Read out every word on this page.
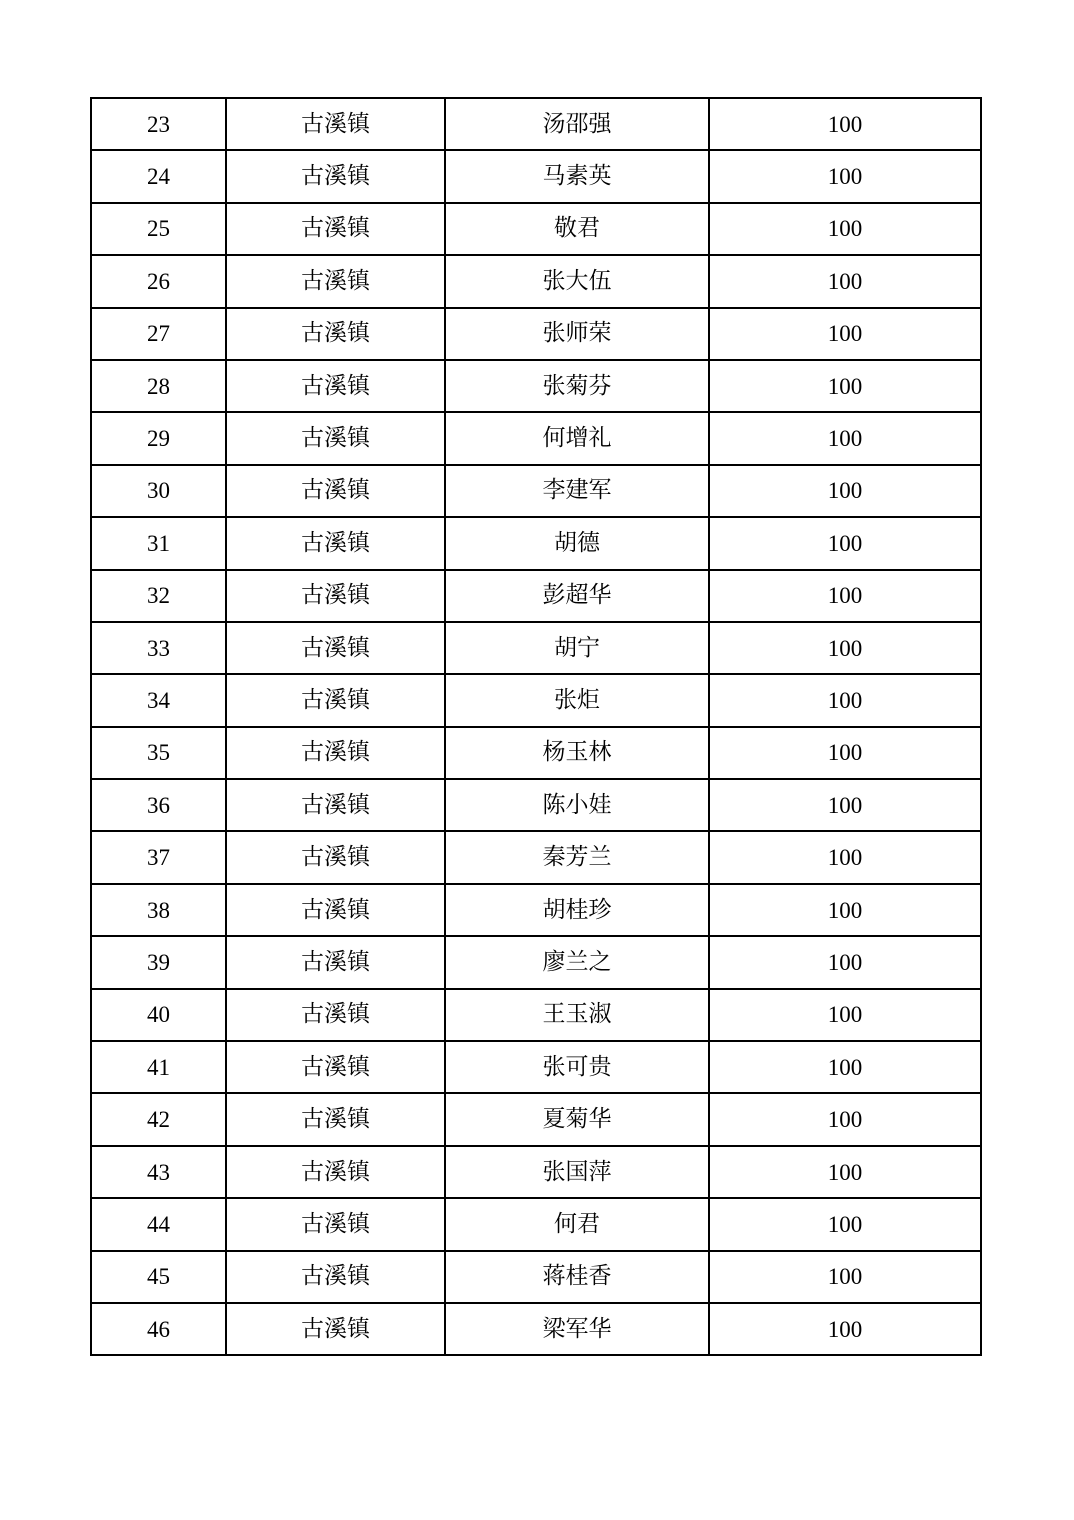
23	古溪镇	汤邵强	100
24	古溪镇	马素英	100
25	古溪镇	敬君	100
26	古溪镇	张大伍	100
27	古溪镇	张师荣	100
28	古溪镇	张菊芬	100
29	古溪镇	何增礼	100
30	古溪镇	李建军	100
31	古溪镇	胡德	100
32	古溪镇	彭超华	100
33	古溪镇	胡宁	100
34	古溪镇	张炬	100
35	古溪镇	杨玉林	100
36	古溪镇	陈小娃	100
37	古溪镇	秦芳兰	100
38	古溪镇	胡桂珍	100
39	古溪镇	廖兰之	100
40	古溪镇	王玉淑	100
41	古溪镇	张可贵	100
42	古溪镇	夏菊华	100
43	古溪镇	张国萍	100
44	古溪镇	何君	100
45	古溪镇	蒋桂香	100
46	古溪镇	梁军华	100
